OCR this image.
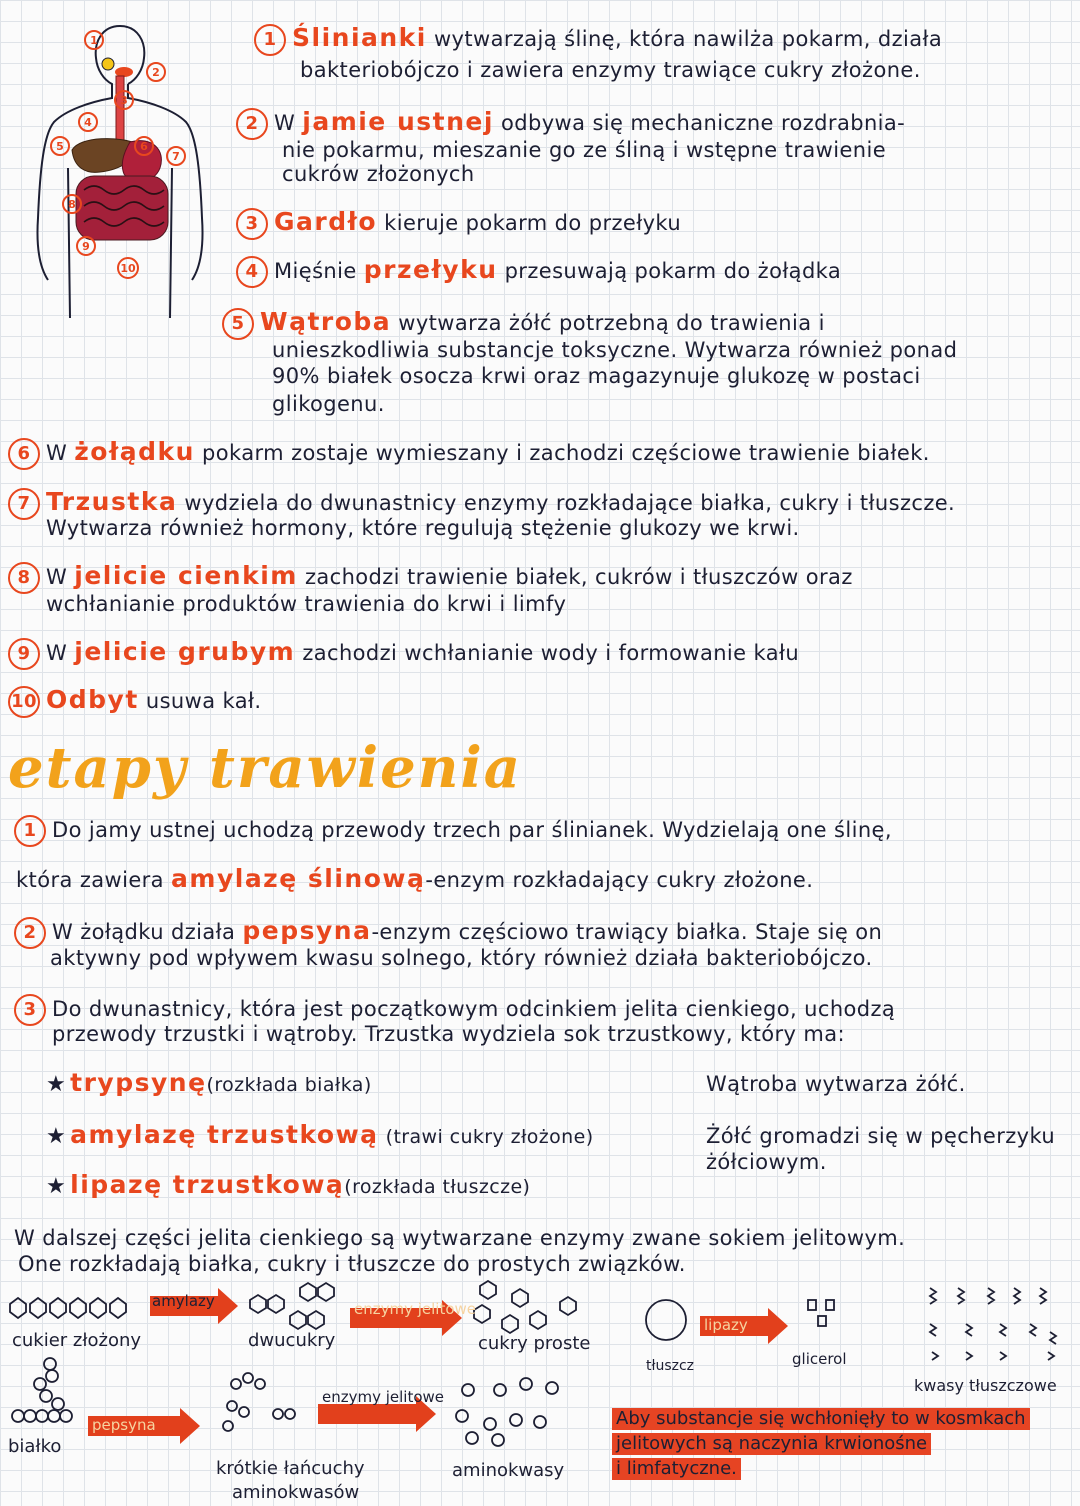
1
2
3
4
5	6
7
8
9
10
1 Ślinianki wytwarzają ślinę, która nawilża pokarm, działa
bakteriobójczo i zawiera enzymy trawiące cukry złożone.
2 W jamie ustnej odbywa się mechaniczne rozdrabnia-
nie pokarmu, mieszanie go ze śliną i wstępne trawienie
cukrów złożonych
3 Gardło kieruje pokarm do przełyku
4 Mięśnie przełyku przesuwają pokarm do żołądka
5 Wątroba wytwarza żółć potrzebną do trawienia i
unieszkodliwia substancje toksyczne. Wytwarza również ponad
90% białek osocza krwi oraz magazynuje glukozę w postaci
glikogenu.
6 W żołądku pokarm zostaje wymieszany i zachodzi częściowe trawienie białek.
7 Trzustka wydziela do dwunastnicy enzymy rozkładające białka, cukry i tłuszcze.
Wytwarza również hormony, które regulują stężenie glukozy we krwi.
8 W jelicie cienkim zachodzi trawienie białek, cukrów i tłuszczów oraz
wchłanianie produktów trawienia do krwi i limfy
9 W jelicie grubym zachodzi wchłanianie wody i formowanie kału
10 Odbyt usuwa kał.
etapy trawienia
1 Do jamy ustnej uchodzą przewody trzech par ślinianek. Wydzielają one ślinę,
która zawiera amylazę ślinową-enzym rozkładający cukry złożone.
2 W żołądku działa pepsyna-enzym częściowo trawiący białka. Staje się on
aktywny pod wpływem kwasu solnego, który również działa bakteriobójczo.
3 Do dwunastnicy, która jest początkowym odcinkiem jelita cienkiego, uchodzą
przewody trzustki i wątroby. Trzustka wydziela sok trzustkowy, który ma:
★ trypsynę(rozkłada białka)
★ amylazę trzustkową (trawi cukry złożone)
★ lipazę trzustkową(rozkłada tłuszcze)
Wątroba wytwarza żółć.
Żółć gromadzi się w pęcherzyku
żółciowym.
W dalszej części jelita cienkiego są wytwarzane enzymy zwane sokiem jelitowym.
One rozkładają białka, cukry i tłuszcze do prostych związków.
cukier złożony	dwucukry	cukry proste
tłuszcz	glicerol
kwasy tłuszczowe
białko
krótkie łańcuchy
aminokwasów
aminokwasy
amylazy	enzymy jelitowe
lipazy
pepsyna
enzymy jelitowe
Aby substancje się wchłonięły to w kosmkach
jelitowych są naczynia krwionośne
i limfatyczne.
